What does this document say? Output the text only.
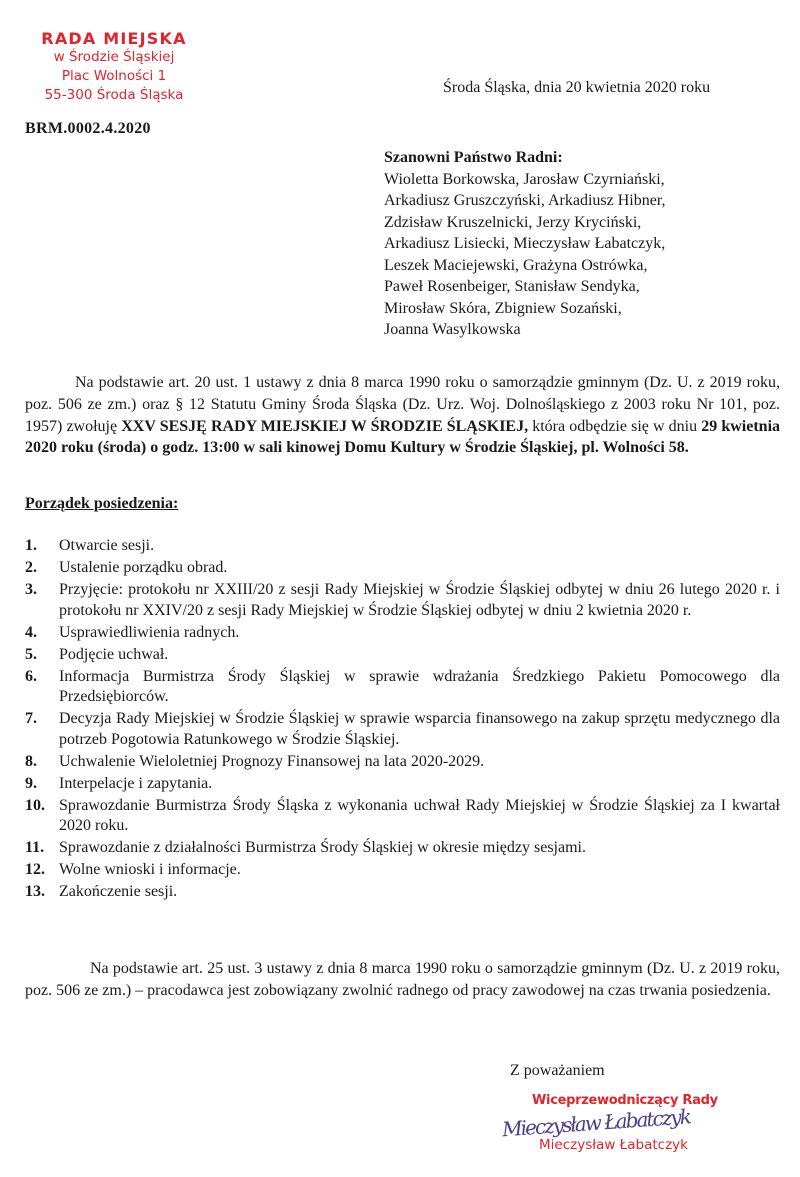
RADA MIEJSKA
w Środzie Śląskiej
Plac Wolności 1
55-300 Środa Śląska	Środa Śląska, dnia 20 kwietnia 2020 roku
BRM.0002.4.2020

Szanowni Państwo Radni:

Wioletta Borkowska, Jarosław Czyrniański,
Arkadiusz Gruszczyński, Arkadiusz Hibner,
Zdzisław Kruszelnicki, Jerzy Kryciński,
Arkadiusz Lisiecki, Mieczysław Łabatczyk,
Leszek Maciejewski, Grażyna Ostrówka,
Paweł Rosenbeiger, Stanisław Sendyka,
Mirosław Skóra, Zbigniew Sozański,
Joanna Wasylkowska

Na podstawie art. 20 ust. 1 ustawy z dnia 8 marca 1990 roku o samorządzie gminnym (Dz. U. z 2019 roku, poz. 506 ze zm.) oraz § 12 Statutu Gminy Środa Śląska (Dz. Urz. Woj. Dolnośląskiego z 2003 roku Nr 101, poz. 1957) zwołuję XXV SESJĘ RADY MIEJSKIEJ W ŚRODZIE ŚLĄSKIEJ, która odbędzie się w dniu 29 kwietnia 2020 roku (środa) o godz. 13:00 w sali kinowej Domu Kultury w Środzie Śląskiej, pl. Wolności 58.

Porządek posiedzenia:

1.	Otwarcie sesji.
2.	Ustalenie porządku obrad.
3.	Przyjęcie: protokołu nr XXIII/20 z sesji Rady Miejskiej w Środzie Śląskiej odbytej w dniu 26 lutego 2020 r. i protokołu nr XXIV/20 z sesji Rady Miejskiej w Środzie Śląskiej odbytej w dniu 2 kwietnia 2020 r.
4.	Usprawiedliwienia radnych.
5.	Podjęcie uchwał.
6.	Informacja Burmistrza Środy Śląskiej w sprawie wdrażania Średzkiego Pakietu Pomocowego dla Przedsiębiorców.
7.	Decyzja Rady Miejskiej w Środzie Śląskiej w sprawie wsparcia finansowego na zakup sprzętu medycznego dla potrzeb Pogotowia Ratunkowego w Środzie Śląskiej.
8.	Uchwalenie Wieloletniej Prognozy Finansowej na lata 2020-2029.
9.	Interpelacje i zapytania.
10. Sprawozdanie Burmistrza Środy Śląska z wykonania uchwał Rady Miejskiej w Środzie Śląskiej za I kwartał 2020 roku.
11. Sprawozdanie z działalności Burmistrza Środy Śląskiej w okresie między sesjami.
12. Wolne wnioski i informacje.
13. Zakończenie sesji.

Na podstawie art. 25 ust. 3 ustawy z dnia 8 marca 1990 roku o samorządzie gminnym (Dz. U. z 2019 roku, poz. 506 ze zm.) – pracodawca jest zobowiązany zwolnić radnego od pracy zawodowej na czas trwania posiedzenia.

Z poważaniem
Wiceprzewodniczący Rady
Mieczysław Łabatczyk
Mieczysław Łabatczyk
